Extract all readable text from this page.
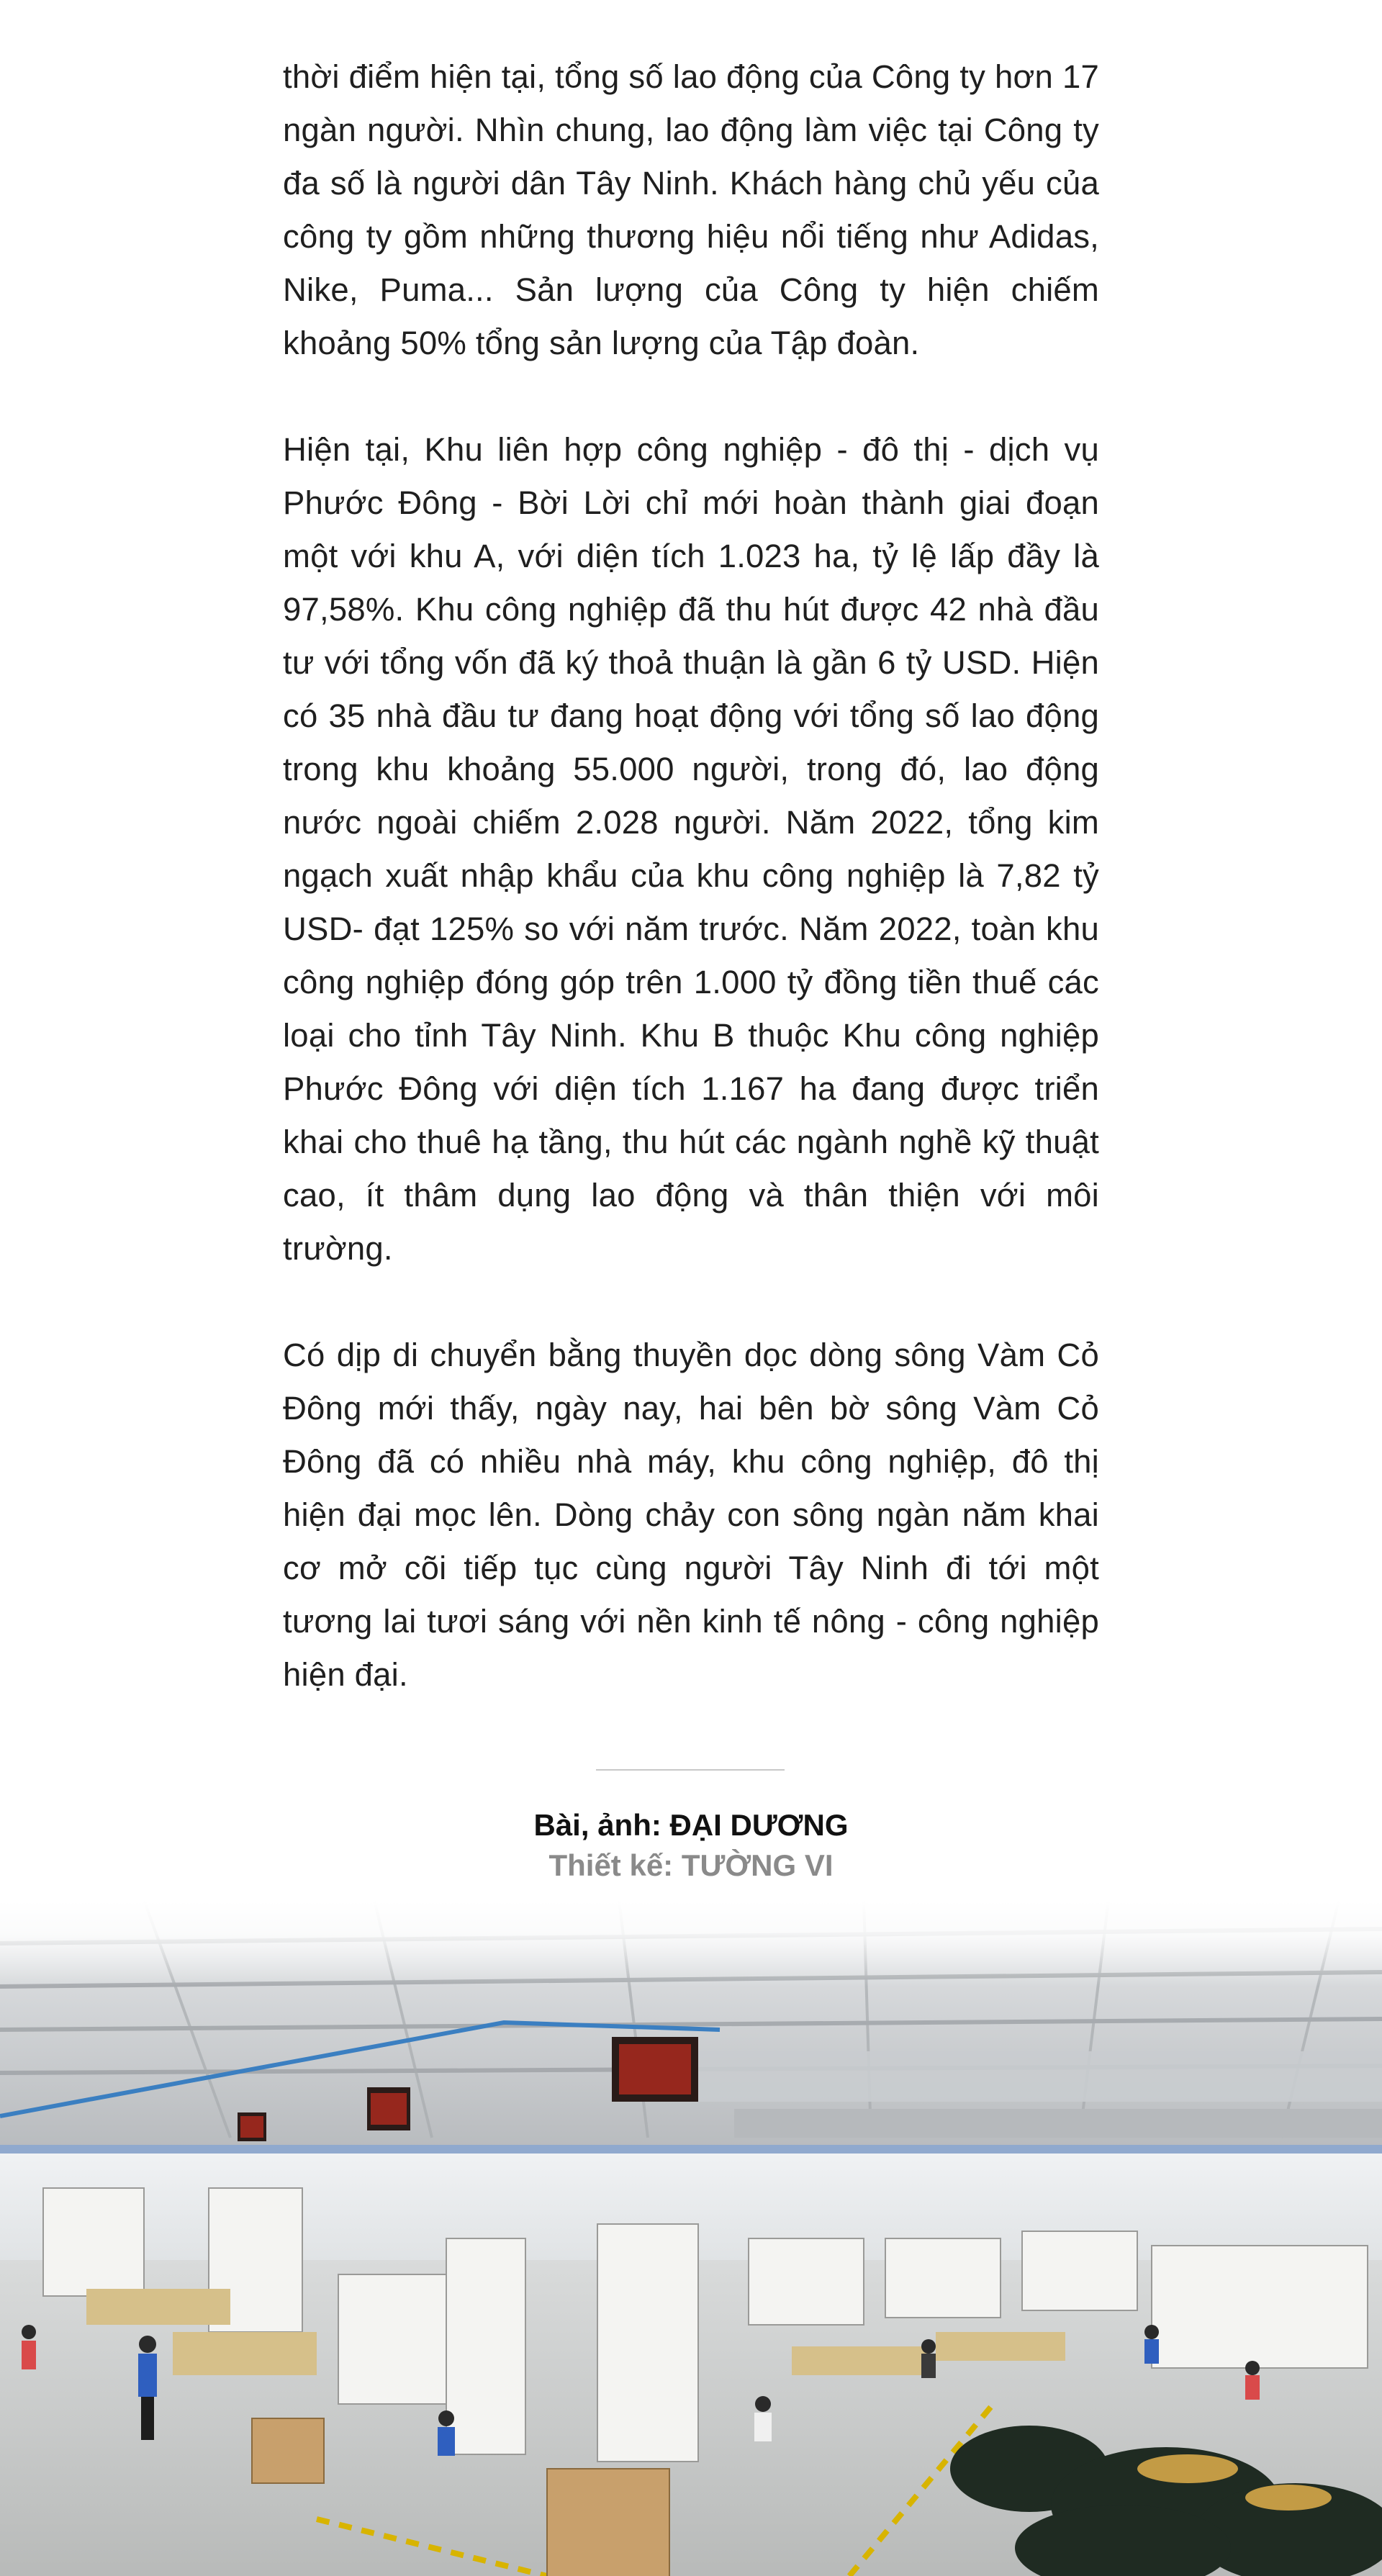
thời điểm hiện tại, tổng số lao động của Công ty hơn 17 ngàn người. Nhìn chung, lao động làm việc tại Công ty đa số là người dân Tây Ninh. Khách hàng chủ yếu của công ty gồm những thương hiệu nổi tiếng như Adidas, Nike, Puma... Sản lượng của Công ty hiện chiếm khoảng 50% tổng sản lượng của Tập đoàn.

Hiện tại, Khu liên hợp công nghiệp - đô thị - dịch vụ Phước Đông - Bời Lời chỉ mới hoàn thành giai đoạn một với khu A, với diện tích 1.023 ha, tỷ lệ lấp đầy là 97,58%. Khu công nghiệp đã thu hút được 42 nhà đầu tư với tổng vốn đã ký thoả thuận là gần 6 tỷ USD. Hiện có 35 nhà đầu tư đang hoạt động với tổng số lao động trong khu khoảng 55.000 người, trong đó, lao động nước ngoài chiếm 2.028 người. Năm 2022, tổng kim ngạch xuất nhập khẩu của khu công nghiệp là 7,82 tỷ USD- đạt 125% so với năm trước. Năm 2022, toàn khu công nghiệp đóng góp trên 1.000 tỷ đồng tiền thuế các loại cho tỉnh Tây Ninh. Khu B thuộc Khu công nghiệp Phước Đông với diện tích 1.167 ha đang được triển khai cho thuê hạ tầng, thu hút các ngành nghề kỹ thuật cao, ít thâm dụng lao động và thân thiện với môi trường.

Có dịp di chuyển bằng thuyền dọc dòng sông Vàm Cỏ Đông mới thấy, ngày nay, hai bên bờ sông Vàm Cỏ Đông đã có nhiều nhà máy, khu công nghiệp, đô thị hiện đại mọc lên. Dòng chảy con sông ngàn năm khai cơ mở cõi tiếp tục cùng người Tây Ninh đi tới một tương lai tươi sáng với nền kinh tế nông - công nghiệp hiện đại.

Bài, ảnh: ĐẠI DƯƠNG
Thiết kế: TƯỜNG VI
